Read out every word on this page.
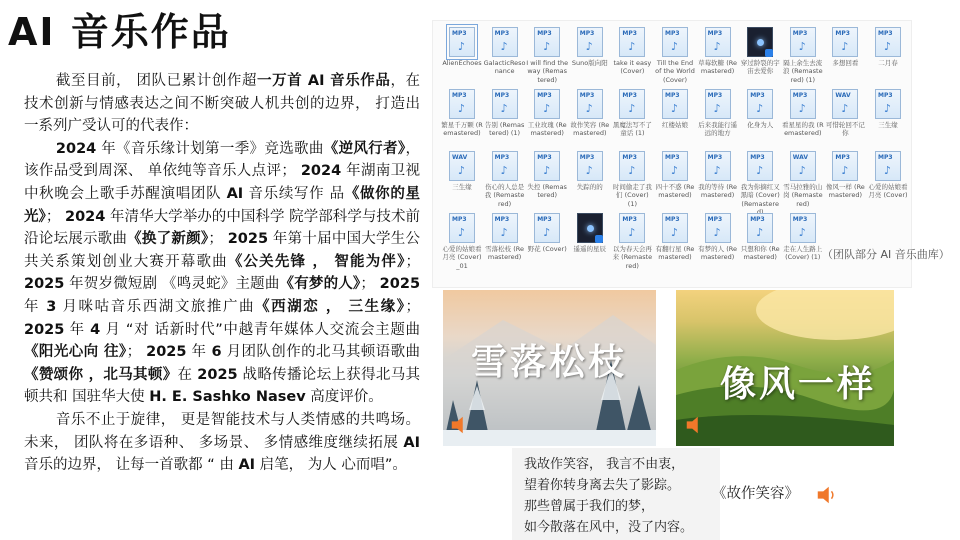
AI 音乐作品

截至目前， 团队已累计创作超一万首 AI 音乐作品，在技术创新与情感表达之间不断突破人机共创的边界， 打造出一系列广受认可的代表作：

2024 年《音乐缘计划第一季》竞选歌曲《逆风行者》，该作品受到周深、 单依纯等音乐人点评； 2024 年湖南卫视中秋晚会上歌手苏醒演唱团队 AI 音乐续写作 品《做你的星光》； 2024 年清华大学举办的中国科学 院学部科学与技术前沿论坛展示歌曲《换了新颜》； 2025 年第十届中国大学生公共关系策划创业大赛开幕歌曲《公关先锋 ， 智能为伴》； 2025 年贺岁微短剧 《鸣灵蛇》主题曲《有梦的人》； 2025 年 3 月咪咕音乐西湖文旅推广曲《西湖恋 ， 三生缘》； 2025 年 4 月 “对 话新时代”中越青年媒体人交流会主题曲《阳光心向 往》； 2025 年 6 月团队创作的北马其顿语歌曲《赞颂你 ，北马其顿》在 2025 战略传播论坛上获得北马其顿共和 国驻华大使 H. E. Sashko Nasev 高度评价。

音乐不止于旋律， 更是智能技术与人类情感的共鸣场。 未来， 团队将在多语种、 多场景、 多情感维度继续拓展 AI 音乐的边界， 让每一首歌都 “ 由 AI 启笔， 为人 心而唱”。

MP3
♪
AlienEchoes
MP3
♪
GalacticResonance
MP3
♪
I will find the way (Remastered)
MP3
♪
Suno版向阳
MP3
♪
take it easy (Cover)
MP3
♪
Till the End of the World (Cover)
MP3
♪
草莓软糖 (Remastered)
穿过龄裂的宇宙去爱你
MP3
♪
隔上余生去流浪 (Remastered) (1)
MP3
♪
多想回看
MP3
♪
二月春
MP3
♪
繁星千万颗 (Remastered)
MP3
♪
告别 (Remastered) (1)
MP3
♪
工业玫瑰 (Remastered)
MP3
♪
故作笑容 (Remastered)
MP3
♪
黑魔法写不了童话 (1)
MP3
♪
红楼姑娘
MP3
♪
后来我能行遥远的地方
MP3
♪
化身为人
MP3
♪
看星星的我 (Remastered)
WAV
♪
可惜轮回不记你
MP3
♪
三生缘
WAV
♪
三生缘
MP3
♪
伤心的人总是我 (Remastered)
MP3
♪
失控 (Remastered)
MP3
♪
失踪的的
MP3
♪
时间偷走了我们 (Cover) (1)
MP3
♪
四十不惑 (Remastered)
MP3
♪
我的等待 (Remastered)
MP3
♪
我为你摘红又黑暗 (Cover) (Remastere
WAV
♪
雪马拉雅的山岗 (Remastered)
MP3
♪
像风一样 (Remastered)
MP3
♪
心爱的姑娘看月亮 (Cover)
MP3
♪
心爱的姑娘看月亮 (Cover)_01
MP3
♪
雪落松枝 (Remastered)
MP3
♪
野花 (Cover)	遥遥的星辰
MP3
♪
以为春天会再来 (Remastered)
MP3
♪
有翻行星 (Remastered)
MP3
♪
有梦的人 (Remastered)
MP3
♪
只想和你 (Remastered)
MP3
♪
走在人生路上 (Cover) (1) （团队部分 AI 音乐曲库）
雪落松枝
像风一样
我故作笑容， 我言不由衷，
望着你转身离去失了影踪。
那些曾属于我们的梦，
如今散落在风中，没了内容。
《故作笑容》
